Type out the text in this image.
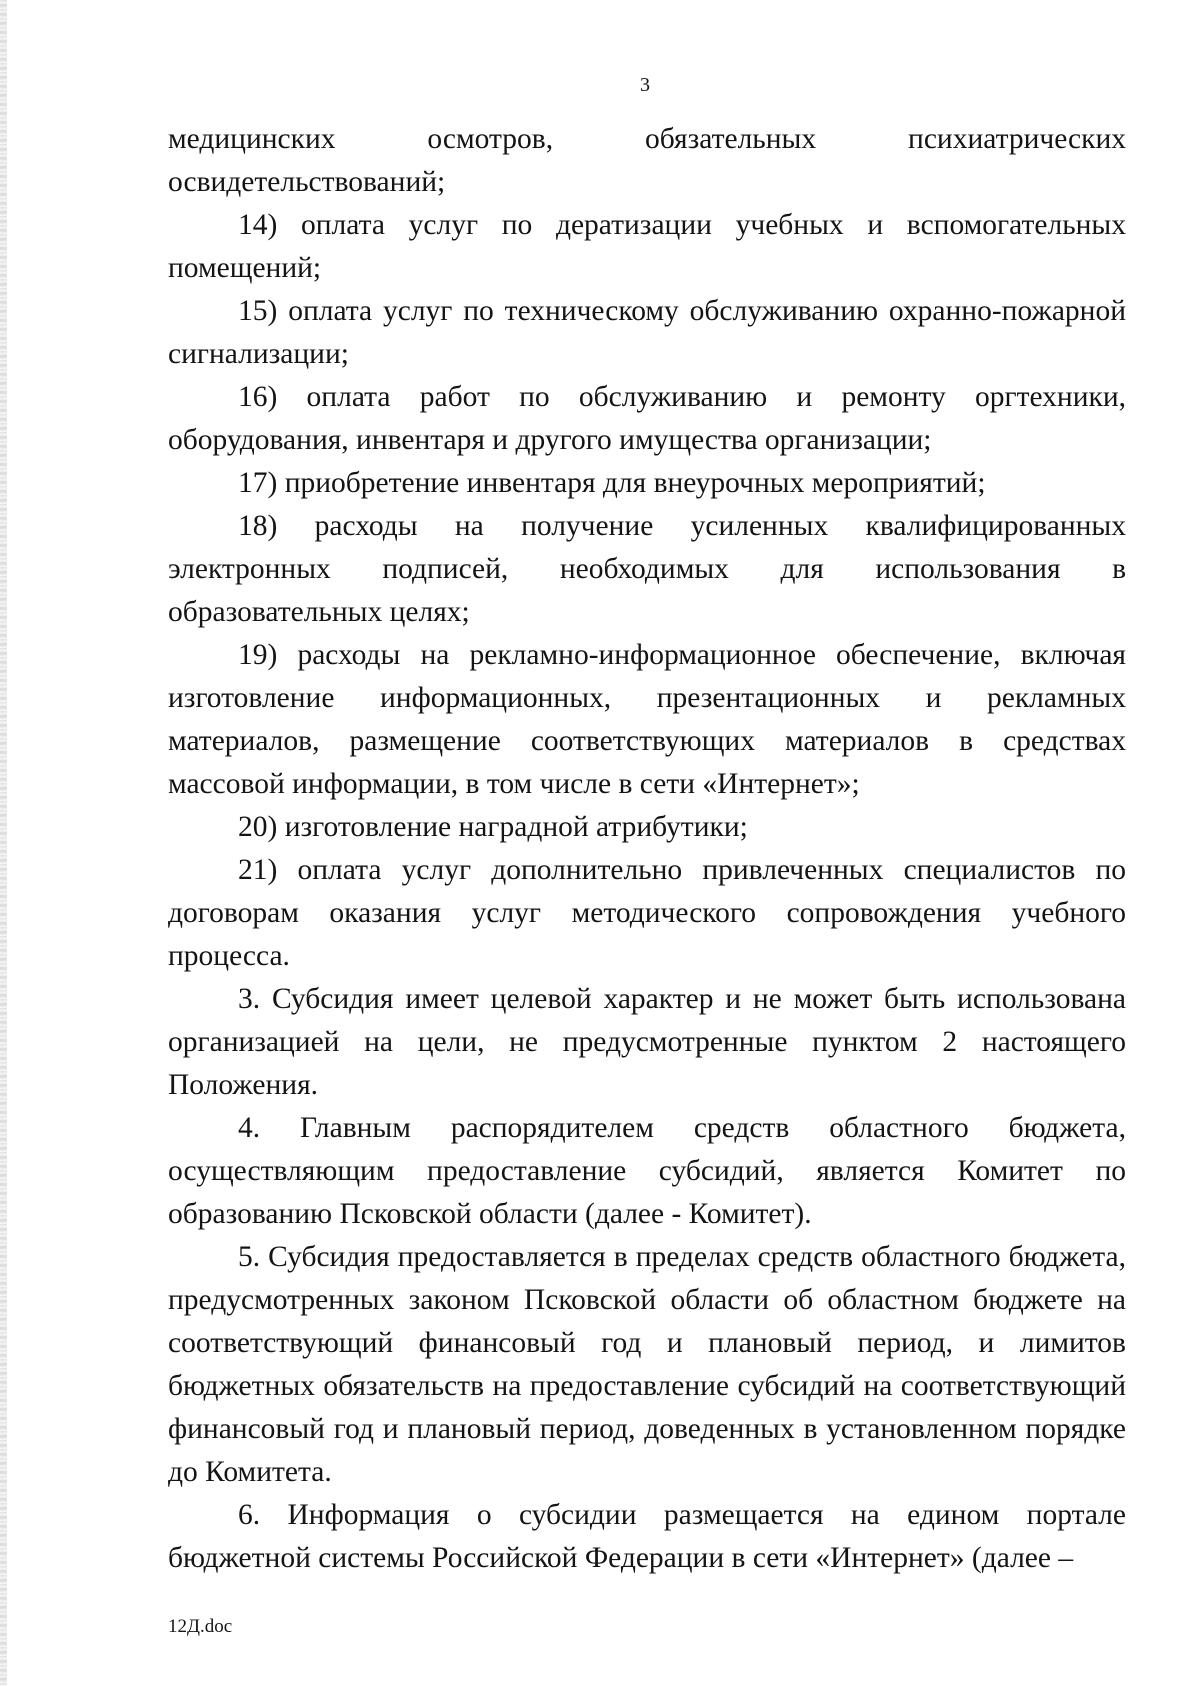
3

медицинских осмотров, обязательных психиатрических освидетельствований;

14) оплата услуг по дератизации учебных и вспомогательных помещений;

15) оплата услуг по техническому обслуживанию охранно-пожарной сигнализации;

16) оплата работ по обслуживанию и ремонту оргтехники, оборудования, инвентаря и другого имущества организации;

17) приобретение инвентаря для внеурочных мероприятий;

18) расходы на получение усиленных квалифицированных электронных подписей, необходимых для использования в образовательных целях;

19) расходы на рекламно-информационное обеспечение, включая изготовление информационных, презентационных и рекламных материалов, размещение соответствующих материалов в средствах массовой информации, в том числе в сети «Интернет»;

20) изготовление наградной атрибутики;

21) оплата услуг дополнительно привлеченных специалистов по договорам оказания услуг методического сопровождения учебного процесса.

3. Субсидия имеет целевой характер и не может быть использована организацией на цели, не предусмотренные пунктом 2 настоящего Положения.

4. Главным распорядителем средств областного бюджета, осуществляющим предоставление субсидий, является Комитет по образованию Псковской области (далее - Комитет).

5. Субсидия предоставляется в пределах средств областного бюджета, предусмотренных законом Псковской области об областном бюджете на соответствующий финансовый год и плановый период, и лимитов бюджетных обязательств на предоставление субсидий на соответствующий финансовый год и плановый период, доведенных в установленном порядке до Комитета.

6. Информация о субсидии размещается на едином портале бюджетной системы Российской Федерации в сети «Интернет» (далее –

12Д.doc
